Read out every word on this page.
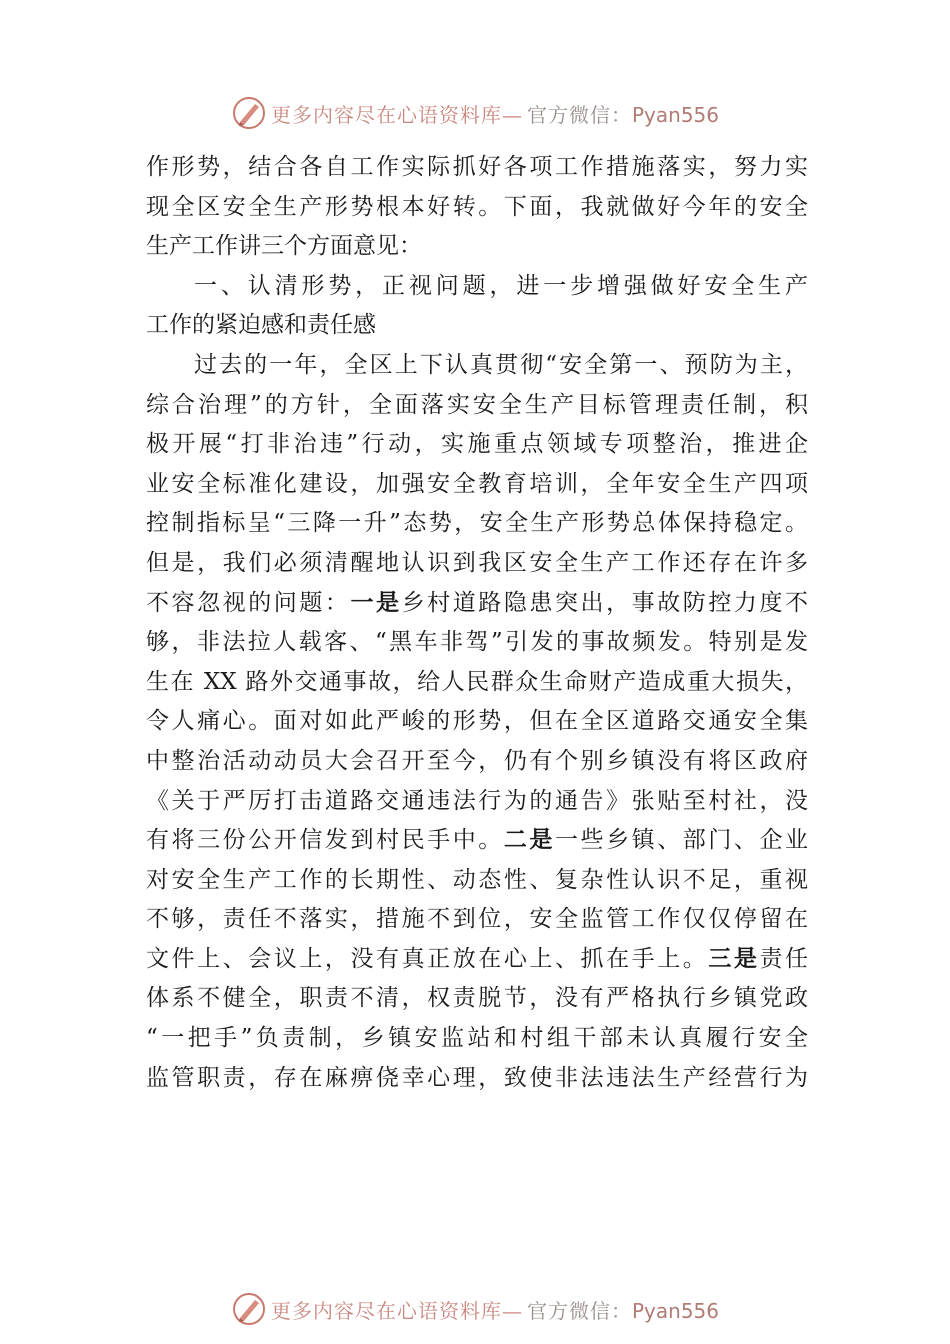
更多内容尽在心语资料库— 官方微信：Pyan556
作形势，结合各自工作实际抓好各项工作措施落实，努力实
现全区安全生产形势根本好转。下面，我就做好今年的安全
生产工作讲三个方面意见：
一、认清形势，正视问题，进一步增强做好安全生产
工作的紧迫感和责任感
过去的一年，全区上下认真贯彻“安全第一、预防为主，
综合治理”的方针，全面落实安全生产目标管理责任制，积
极开展“打非治违”行动，实施重点领域专项整治，推进企
业安全标准化建设，加强安全教育培训，全年安全生产四项
控制指标呈“三降一升”态势，安全生产形势总体保持稳定。
但是，我们必须清醒地认识到我区安全生产工作还存在许多
不容忽视的问题：一是乡村道路隐患突出，事故防控力度不
够，非法拉人载客、“黑车非驾”引发的事故频发。特别是发
生在 XX 路外交通事故，给人民群众生命财产造成重大损失，
令人痛心。面对如此严峻的形势，但在全区道路交通安全集
中整治活动动员大会召开至今，仍有个别乡镇没有将区政府
《关于严厉打击道路交通违法行为的通告》张贴至村社，没
有将三份公开信发到村民手中。二是一些乡镇、部门、企业
对安全生产工作的长期性、动态性、复杂性认识不足，重视
不够，责任不落实，措施不到位，安全监管工作仅仅停留在
文件上、会议上，没有真正放在心上、抓在手上。三是责任
体系不健全，职责不清，权责脱节，没有严格执行乡镇党政
“一把手”负责制，乡镇安监站和村组干部未认真履行安全
监管职责，存在麻痹侥幸心理，致使非法违法生产经营行为
更多内容尽在心语资料库— 官方微信：Pyan556
